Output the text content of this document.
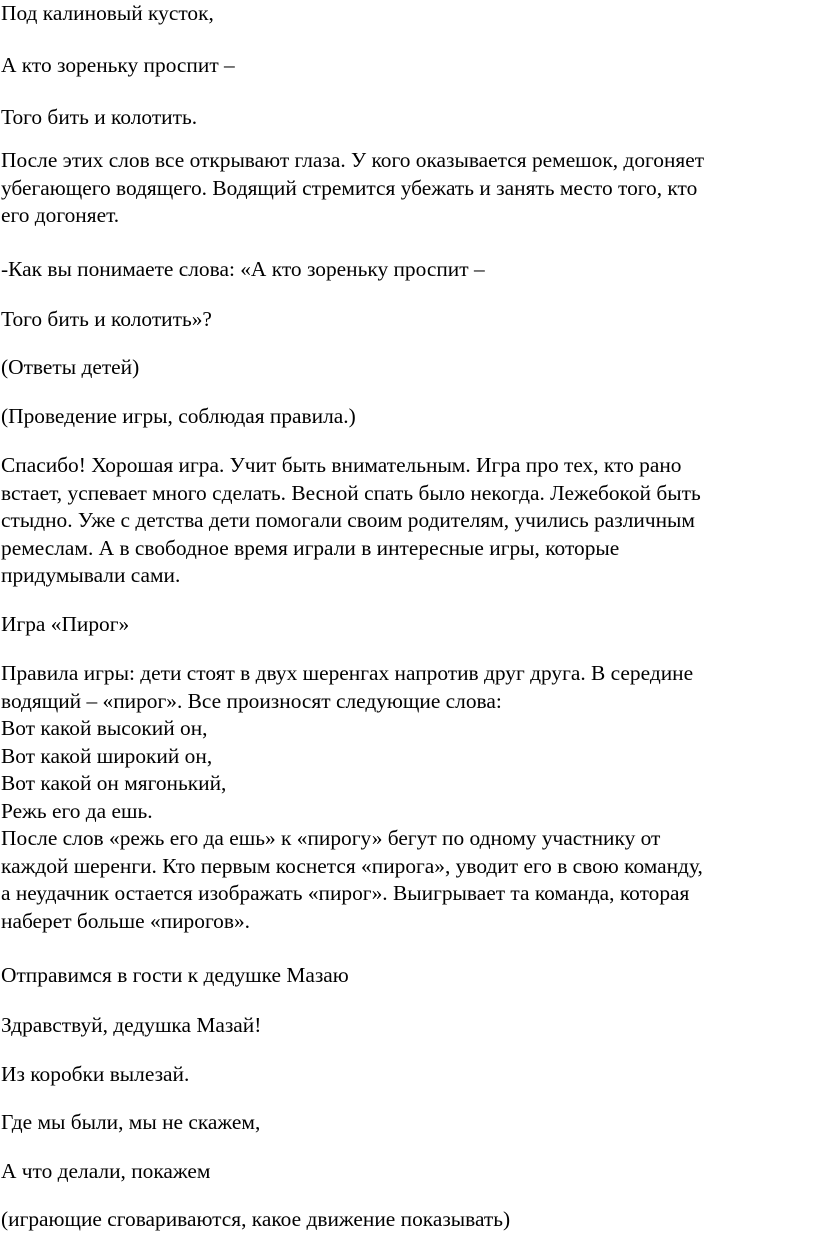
Под калиновый кусток,

А кто зореньку проспит –

Того бить и колотить.

После этих слов все открывают глаза. У кого оказывается ремешок, догоняет
убегающего водящего. Водящий стремится убежать и занять место того, кто
его догоняет.

-Как вы понимаете слова: «А кто зореньку проспит –

Того бить и колотить»?

(Ответы детей)

(Проведение игры, соблюдая правила.)

Спасибо! Хорошая игра. Учит быть внимательным. Игра про тех, кто рано
встает, успевает много сделать. Весной спать было некогда. Лежебокой быть
стыдно. Уже с детства дети помогали своим родителям, учились различным
ремеслам. А в свободное время играли в интересные игры, которые
придумывали сами.

Игра «Пирог»

Правила игры: дети стоят в двух шеренгах напротив друг друга. В середине
водящий – «пирог». Все произносят следующие слова:
Вот какой высокий он,
Вот какой широкий он,
Вот какой он мягонький,
Режь его да ешь.
После слов «режь его да ешь» к «пирогу» бегут по одному участнику от
каждой шеренги. Кто первым коснется «пирога», уводит его в свою команду,
а неудачник остается изображать «пирог». Выигрывает та команда, которая
наберет больше «пирогов».

Отправимся в гости к дедушке Мазаю

Здравствуй, дедушка Мазай!

Из коробки вылезай.

Где мы были, мы не скажем,

А что делали, покажем

(играющие сговариваются, какое движение показывать)
